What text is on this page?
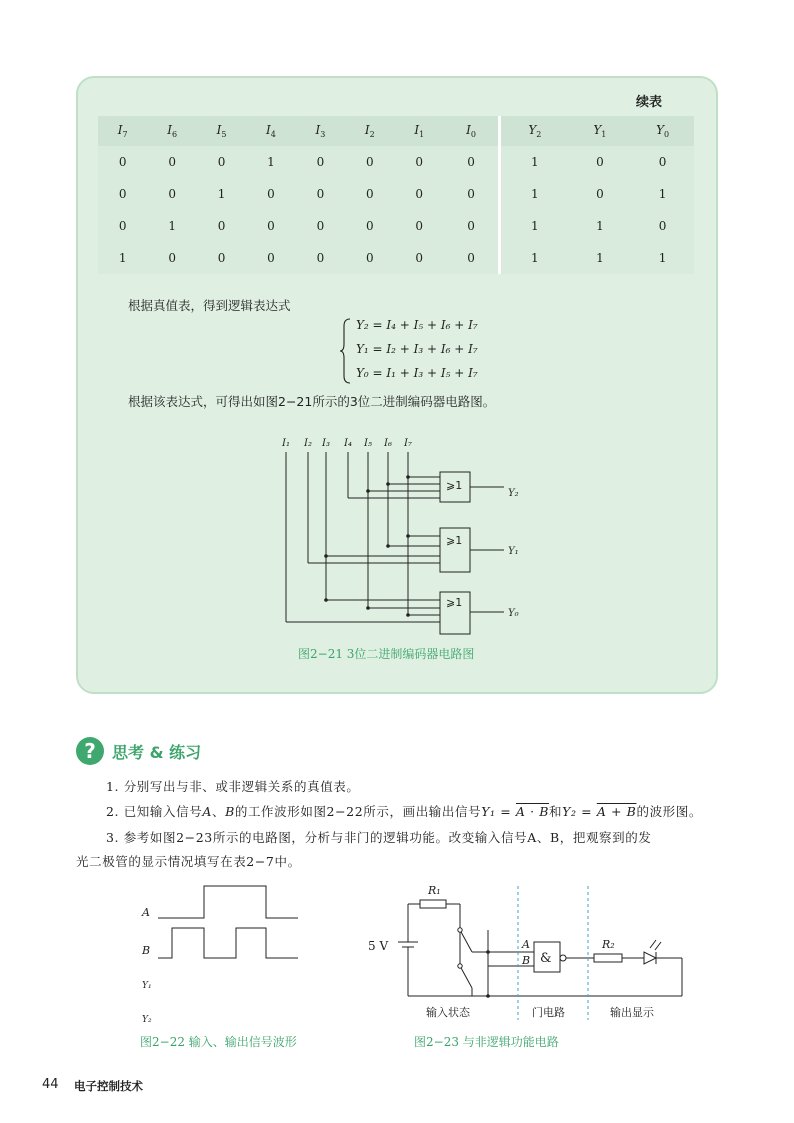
续表
$I_7$	$I_6$	$I_5$	$I_4$	$I_3$	$I_2$	$I_1$	$I_0$	$Y_2$	$Y_1$	$Y_0$
0	0	0	1	0	0	0	0	1	0	0
0	0	1	0	0	0	0	0	1	0	1
0	1	0	0	0	0	0	0	1	1	0
1	0	0	0	0	0	0	0	1	1	1
根据真值表，得到逻辑表达式
Y₂ = I₄ + I₅ + I₆ + I₇
Y₁ = I₂ + I₃ + I₆ + I₇
Y₀ = I₁ + I₃ + I₅ + I₇
根据该表达式，可得出如图2−21所示的3位二进制编码器电路图。
I₁ I₂ I₃ I₄ I₅ I₆ I₇
Y₂
Y₁
Y₀
⩾1
⩾1
⩾1
图2−21 3位二进制编码器电路图
?	思考 & 练习
1. 分别写出与非、或非逻辑关系的真值表。
2. 已知输入信号A、B的工作波形如图2−22所示，画出输出信号Y₁ = A · B和Y₂ = A + B的波形图。
3. 参考如图2−23所示的电路图，分析与非门的逻辑功能。改变输入信号A、B，把观察到的发
光二极管的显示情况填写在表2−7中。
A
B
Y₁
Y₂
图2−22 输入、输出信号波形
R₁
R₂
5 V
&
A
B
输入状态	门电路	输出显示
图2−23 与非逻辑功能电路
44 电子控制技术
